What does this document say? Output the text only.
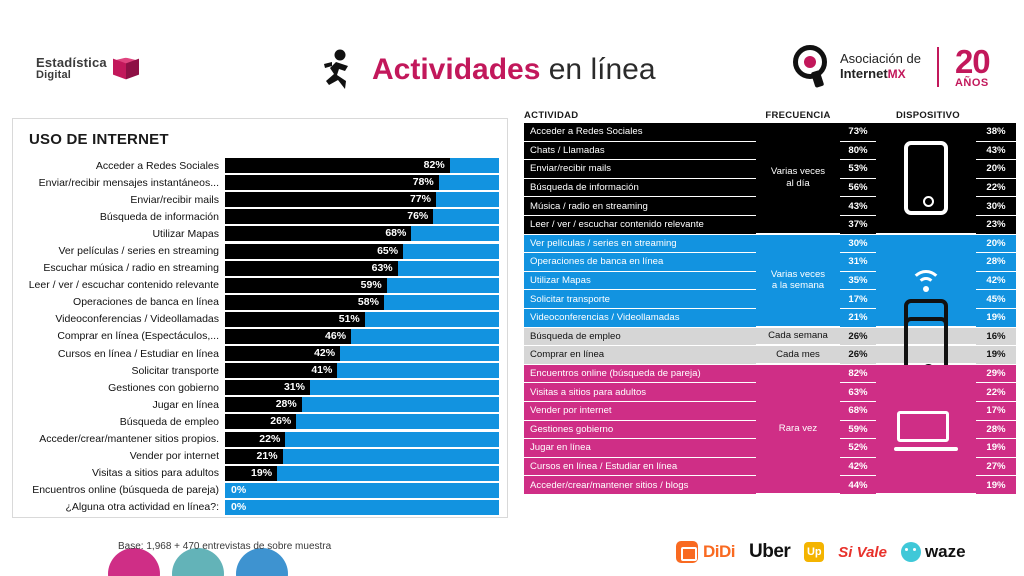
Estadística
Digital	Actividades en línea	Asociación de
InternetMX	20
AÑOS
USO DE INTERNET
Acceder a Redes Sociales	82%
Enviar/recibir mensajes instantáneos...	78%
Enviar/recibir mails	77%
Búsqueda de información	76%
Utilizar Mapas	68%
Ver películas / series en streaming	65%
Escuchar música / radio en streaming	63%
Leer / ver / escuchar contenido relevante	59%
Operaciones de banca en línea	58%
Videoconferencias / Videollamadas	51%
Comprar en línea (Espectáculos,...	46%
Cursos en línea / Estudiar en línea	42%
Solicitar transporte	41%
Gestiones con gobierno	31%
Jugar en línea	28%
Búsqueda de empleo	26%
Acceder/crear/mantener sitios propios.	22%
Vender por internet	21%
Visitas a sitios para adultos	19%
Encuentros online (búsqueda de pareja)	0%
¿Alguna otra actividad en línea?:	0%
ACTIVIDAD	FRECUENCIA	DISPOSITIVO
Acceder a Redes Sociales	73%	38%
Chats / Llamadas	80%	43%
Enviar/recibir mails	53%	20%
Búsqueda de información	56%	22%
Música / radio en streaming	43%	30%
Leer / ver / escuchar contenido relevante	37%	23%
Varias veces
al día
Ver películas / series en streaming	30%	20%
Operaciones de banca en línea	31%	28%
Utilizar Mapas	35%	42%
Solicitar transporte	17%	45%
Videoconferencias / Videollamadas	21%	19%
Varias veces
a la semana
Búsqueda de empleo	26%	16%
Cada semana
Comprar en línea	26%	19%
Cada mes
Encuentros online (búsqueda de pareja)	82%	29%
Visitas a sitios para adultos	63%	22%
Vender por internet	68%	17%
Gestiones gobierno	59%	28%
Jugar en línea	52%	19%
Cursos en línea / Estudiar en línea	42%	27%
Acceder/crear/mantener sitios / blogs	44%	19%
Rara vez
Base: 1,968 + 470 entrevistas de sobre muestra	DiDi Uber Up Si Vale waze
